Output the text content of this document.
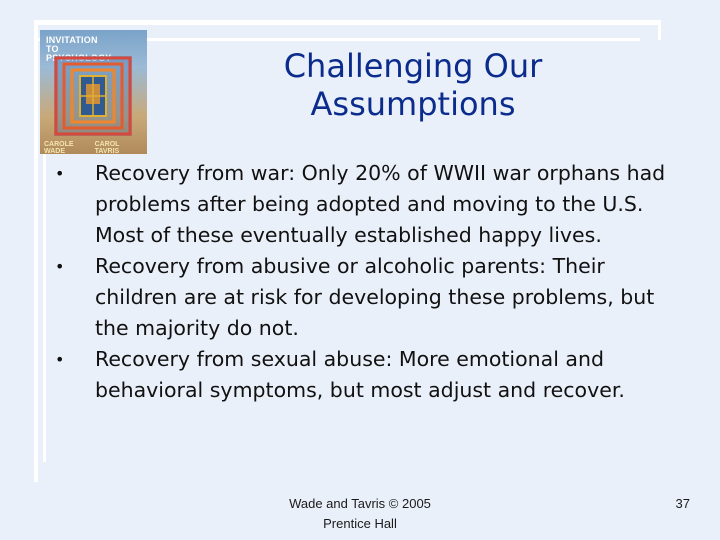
INVITATION
TO PSYCHOLOGY
CAROLE WADE
CAROL TAVRIS
Challenging Our
Assumptions
• Recovery from war: Only 20% of WWII war orphans had problems after being adopted and moving to the U.S. Most of these eventually established happy lives.
• Recovery from abusive or alcoholic parents: Their children are at risk for developing these problems, but the majority do not.
• Recovery from sexual abuse: More emotional and behavioral symptoms, but most adjust and recover.
Wade and Tavris © 2005
Prentice Hall
37
